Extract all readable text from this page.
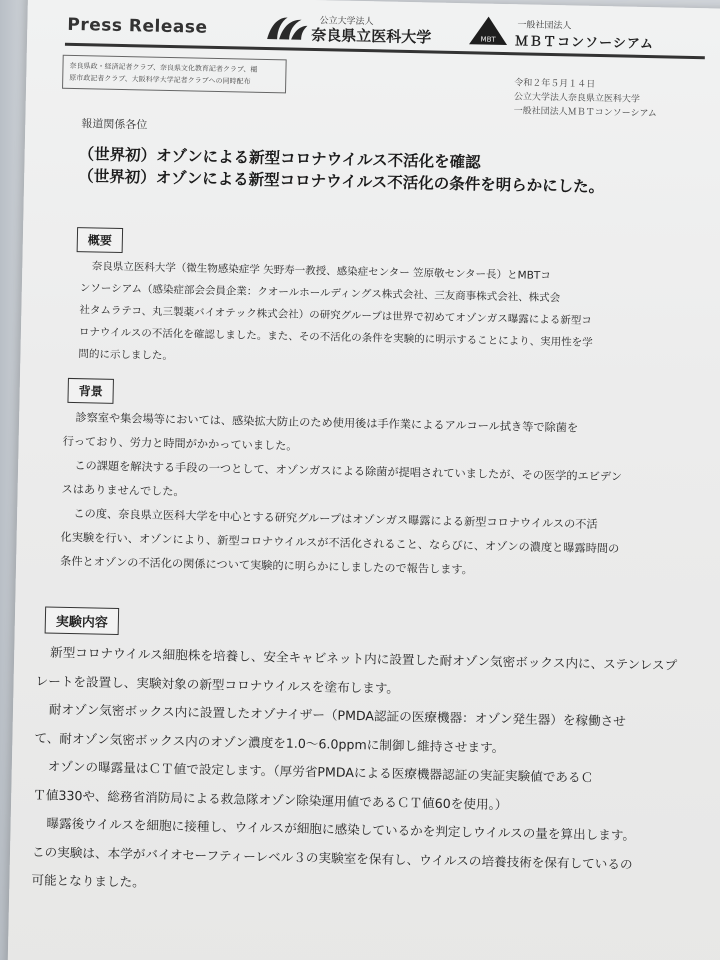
Press Release	公立大学法人
奈良県立医科大学	MBT
一般社団法人
ＭＢＴコンソーシアム
奈良県政・経済記者クラブ、奈良県文化教育記者クラブ、橿
原市政記者クラブ、大阪科学大学記者クラブへの同時配布	令和２年５月１４日
公立大学法人奈良県立医科大学
一般社団法人ＭＢＴコンソーシアム
報道関係各位
（世界初）オゾンによる新型コロナウイルス不活化を確認
（世界初）オゾンによる新型コロナウイルス不活化の条件を明らかにした。
概要
奈良県立医科大学（微生物感染症学 矢野寿一教授、感染症センター 笠原敬センター長）とMBTコ
ンソーシアム（感染症部会会員企業：クオールホールディングス株式会社、三友商事株式会社、株式会
社タムラテコ、丸三製薬バイオテック株式会社）の研究グループは世界で初めてオゾンガス曝露による新型コ
ロナウイルスの不活化を確認しました。また、その不活化の条件を実験的に明示することにより、実用性を学
問的に示しました。
背景
診察室や集会場等においては、感染拡大防止のため使用後は手作業によるアルコール拭き等で除菌を
行っており、労力と時間がかかっていました。
この課題を解決する手段の一つとして、オゾンガスによる除菌が提唱されていましたが、その医学的エビデン
スはありませんでした。
この度、奈良県立医科大学を中心とする研究グループはオゾンガス曝露による新型コロナウイルスの不活
化実験を行い、オゾンにより、新型コロナウイルスが不活化されること、ならびに、オゾンの濃度と曝露時間の
条件とオゾンの不活化の関係について実験的に明らかにしましたので報告します。
実験内容
新型コロナウイルス細胞株を培養し、安全キャビネット内に設置した耐オゾン気密ボックス内に、ステンレスプ
レートを設置し、実験対象の新型コロナウイルスを塗布します。
耐オゾン気密ボックス内に設置したオゾナイザー（PMDA認証の医療機器：オゾン発生器）を稼働させ
て、耐オゾン気密ボックス内のオゾン濃度を1.0～6.0ppmに制御し維持させます。
オゾンの曝露量はＣＴ値で設定します。（厚労省PMDAによる医療機器認証の実証実験値であるＣ
Ｔ値330や、総務省消防局による救急隊オゾン除染運用値であるＣＴ値60を使用。）
曝露後ウイルスを細胞に接種し、ウイルスが細胞に感染しているかを判定しウイルスの量を算出します。
この実験は、本学がバイオセーフティーレベル３の実験室を保有し、ウイルスの培養技術を保有しているの
可能となりました。
